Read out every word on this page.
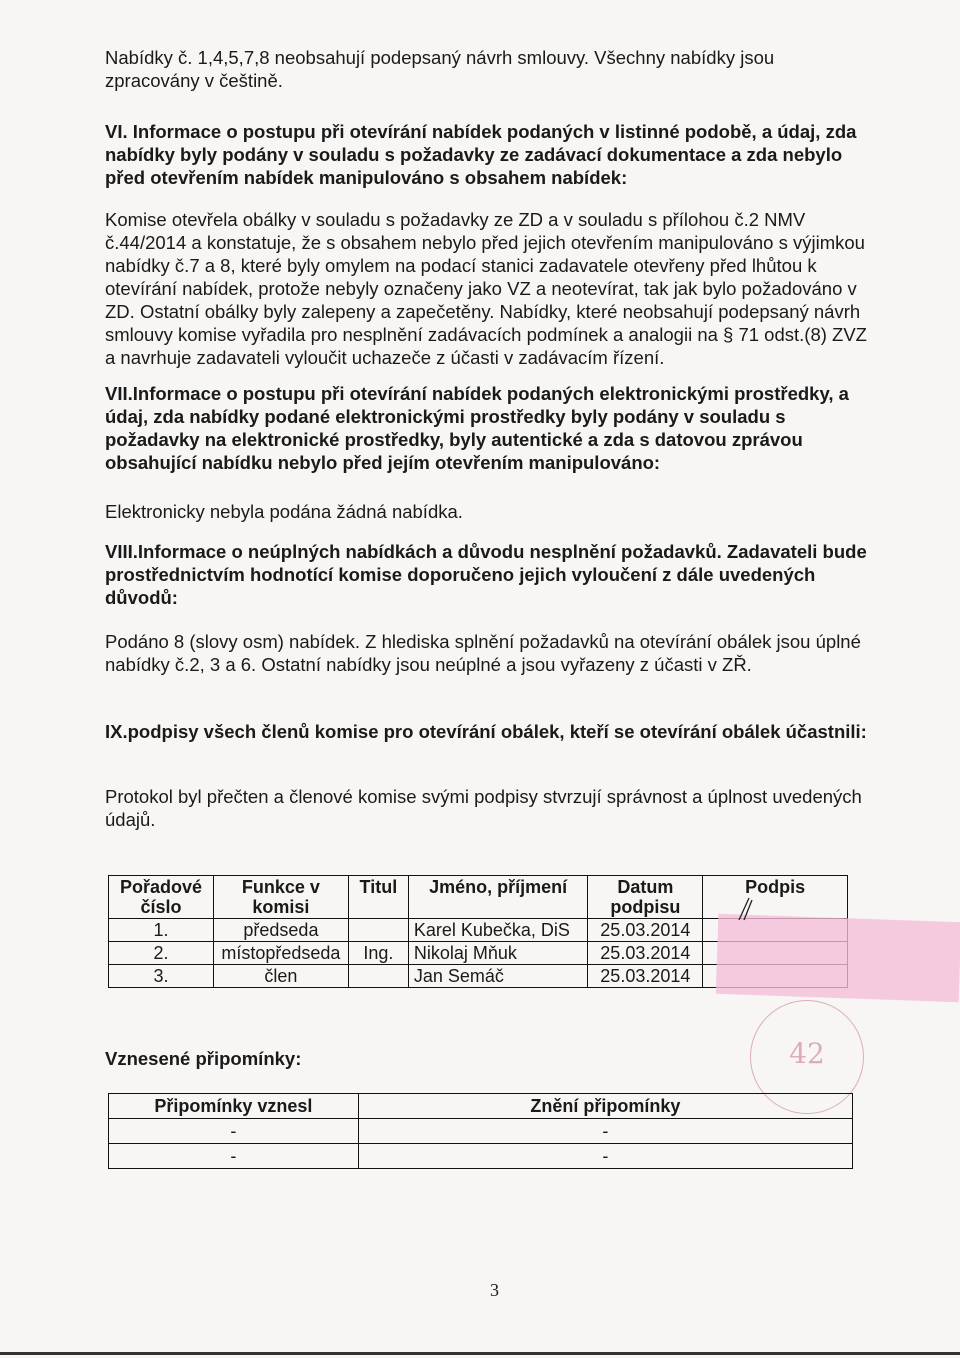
Nabídky č. 1,4,5,7,8 neobsahují podepsaný návrh smlouvy. Všechny nabídky jsou

zpracovány v češtině.

VI. Informace o postupu při otevírání nabídek podaných v listinné podobě, a údaj, zda nabídky byly podány v souladu s požadavky ze zadávací dokumentace a zda nebylo před otevřením nabídek manipulováno s obsahem nabídek:
Komise otevřela obálky v souladu s požadavky ze ZD a v souladu s přílohou č.2 NMV č.44/2014 a konstatuje, že s obsahem nebylo před jejich otevřením manipulováno s výjimkou nabídky č.7 a 8, které byly omylem na podací stanici zadavatele otevřeny před lhůtou k otevírání nabídek, protože nebyly označeny jako VZ a neotevírat, tak jak bylo požadováno v ZD. Ostatní obálky byly zalepeny a zapečetěny. Nabídky, které neobsahují podepsaný návrh smlouvy komise vyřadila pro nesplnění zadávacích podmínek a analogii na § 71 odst.(8) ZVZ a navrhuje zadavateli vyloučit uchazeče z účasti v zadávacím řízení.
VII.Informace o postupu při otevírání nabídek podaných elektronickými prostředky, a údaj, zda nabídky podané elektronickými prostředky byly podány v souladu s požadavky na elektronické prostředky, byly autentické a zda s datovou zprávou obsahující nabídku nebylo před jejím otevřením manipulováno:
Elektronicky nebyla podána žádná nabídka.
VIII.Informace o neúplných nabídkách a důvodu nesplnění požadavků. Zadavateli bude prostřednictvím hodnotící komise doporučeno jejich vyloučení z dále uvedených důvodů:
Podáno 8 (slovy osm) nabídek. Z hlediska splnění požadavků na otevírání obálek jsou úplné nabídky č.2, 3 a 6. Ostatní nabídky jsou neúplné a jsou vyřazeny z účasti v ZŘ.
IX.podpisy všech členů komise pro otevírání obálek, kteří se otevírání obálek účastnili:
Protokol byl přečten a členové komise svými podpisy stvrzují správnost a úplnost uvedených údajů.
Pořadové číslo	Funkce v komisi	Titul	Jméno, příjmení	Datum podpisu	Podpis
1.	předseda		Karel Kubečka, DiS	25.03.2014	
2.	místopředseda	Ing.	Nikolaj Mňuk	25.03.2014	
3.	člen		Jan Semáč	25.03.2014	
42
Vznesené připomínky:
Připomínky vznesl	Znění připomínky
-	-
-	-
3
